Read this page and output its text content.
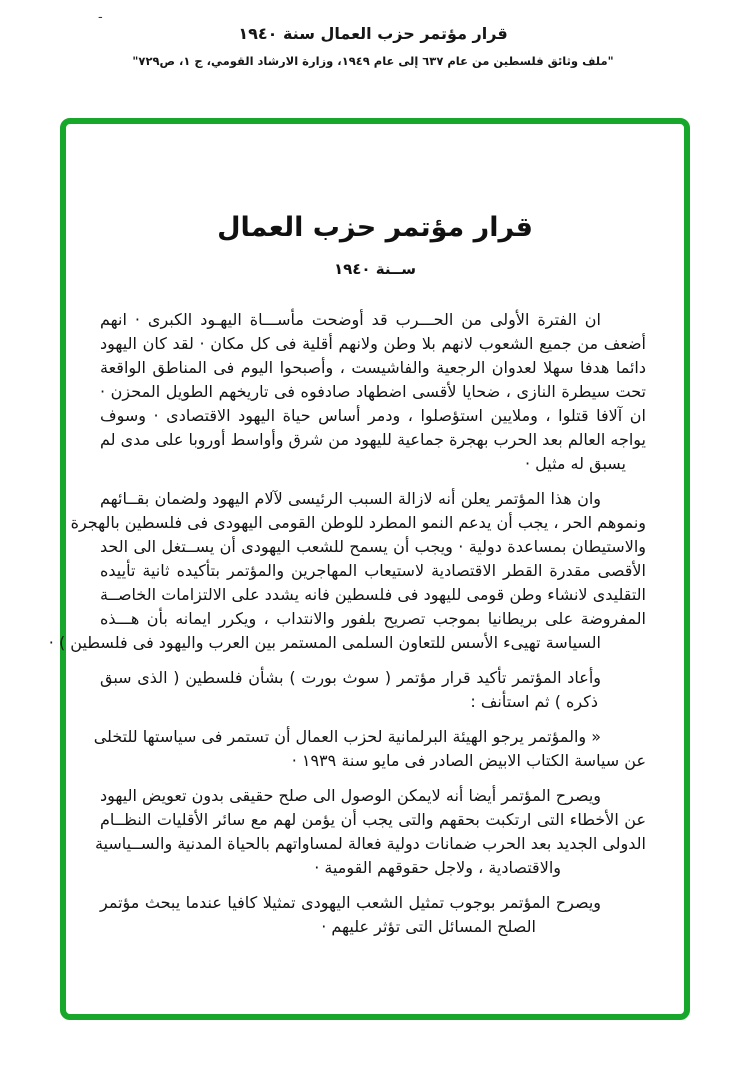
-
قرار مؤتمر حزب العمال سنة ١٩٤٠
"ملف وثائق فلسطين من عام ٦٣٧ إلى عام ١٩٤٩، وزارة الارشاد القومي، ج ١، ص٧٢٩"
قرار مؤتمر حزب العمال
ســنة ١٩٤٠
ان الفترة الأولى من الحـــرب قد أوضحت مأســـاة اليهـود الكبرى · انهم
أضعف من جميع الشعوب لانهم بلا وطن ولانهم أقلية فى كل مكان · لقد كان اليهود
دائما هدفا سهلا لعدوان الرجعية والفاشيست ، وأصبحوا اليوم فى المناطق الواقعة
تحت سيطرة النازى ، ضحايا لأقسى اضطهاد صادفوه فى تاريخهم الطويل المحزن ·
ان آلافا قتلوا ، وملايين استؤصلوا ، ودمر أساس حياة اليهود الاقتصادى · وسوف
يواجه العالم بعد الحرب بهجرة جماعية لليهود من شرق وأواسط أوروبا على مدى لم
يسبق له مثيل ·
وان هذا المؤتمر يعلن أنه لازالة السبب الرئيسى لآلام اليهود ولضمان بقــائهم
ونموهم الحر ، يجب أن يدعم النمو المطرد للوطن القومى اليهودى فى فلسطين بالهجرة
والاستيطان بمساعدة دولية · ويجب أن يسمح للشعب اليهودى أن يســتغل الى الحد
الأقصى مقدرة القطر الاقتصادية لاستيعاب المهاجرين والمؤتمر بتأكيده ثانية تأييده
التقليدى لانشاء وطن قومى لليهود فى فلسطين فانه يشدد على الالتزامات الخاصــة
المفروضة على بريطانيا بموجب تصريح بلفور والانتداب ، ويكرر ايمانه بأن هـــذه
السياسة تهيىء الأسس للتعاون السلمى المستمر بين العرب واليهود فى فلسطين ) ·
وأعاد المؤتمر تأكيد قرار مؤتمر ( سوث بورت ) بشأن فلسطين ( الذى سبق
ذكره ) ثم استأنف :
« والمؤتمر يرجو الهيئة البرلمانية لحزب العمال أن تستمر فى سياستها للتخلى
عن سياسة الكتاب الابيض الصادر فى مايو سنة ١٩٣٩ ·
ويصرح المؤتمر أيضا أنه لايمكن الوصول الى صلح حقيقى بدون تعويض اليهود
عن الأخطاء التى ارتكبت بحقهم والتى يجب أن يؤمن لهم مع سائر الأقليات النظــام
الدولى الجديد بعد الحرب ضمانات دولية فعالة لمساواتهم بالحياة المدنية والســياسية
والاقتصادية ، ولاجل حقوقهم القومية ·
ويصرح المؤتمر بوجوب تمثيل الشعب اليهودى تمثيلا كافيا عندما يبحث مؤتمر
الصلح المسائل التى تؤثر عليهم ·
